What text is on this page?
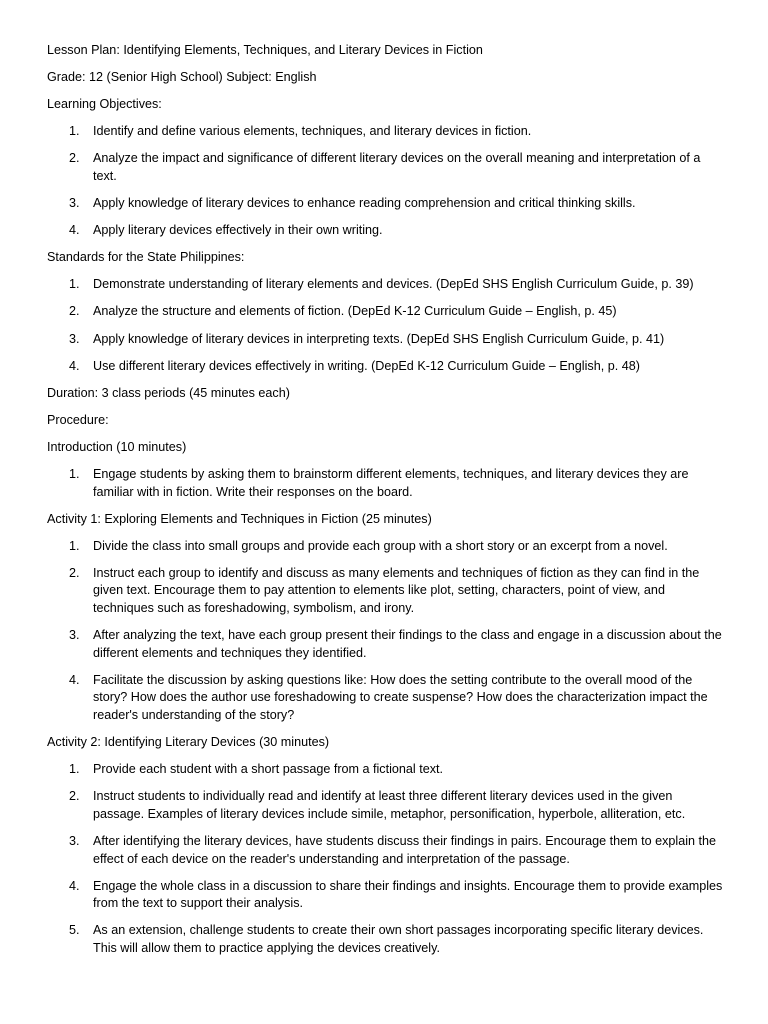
Lesson Plan: Identifying Elements, Techniques, and Literary Devices in Fiction

Grade: 12 (Senior High School) Subject: English

Learning Objectives:

1.	Identify and define various elements, techniques, and literary devices in fiction.
2.	Analyze the impact and significance of different literary devices on the overall meaning and interpretation of a text.
3.	Apply knowledge of literary devices to enhance reading comprehension and critical thinking skills.
4.	Apply literary devices effectively in their own writing.

Standards for the State Philippines:

1.	Demonstrate understanding of literary elements and devices. (DepEd SHS English Curriculum Guide, p. 39)
2.	Analyze the structure and elements of fiction. (DepEd K-12 Curriculum Guide – English, p. 45)
3.	Apply knowledge of literary devices in interpreting texts. (DepEd SHS English Curriculum Guide, p. 41)
4.	Use different literary devices effectively in writing. (DepEd K-12 Curriculum Guide – English, p. 48)

Duration: 3 class periods (45 minutes each)

Procedure:

Introduction (10 minutes)

1.	Engage students by asking them to brainstorm different elements, techniques, and literary devices they are familiar with in fiction. Write their responses on the board.

Activity 1: Exploring Elements and Techniques in Fiction (25 minutes)

1.	Divide the class into small groups and provide each group with a short story or an excerpt from a novel.
2.	Instruct each group to identify and discuss as many elements and techniques of fiction as they can find in the given text. Encourage them to pay attention to elements like plot, setting, characters, point of view, and techniques such as foreshadowing, symbolism, and irony.
3.	After analyzing the text, have each group present their findings to the class and engage in a discussion about the different elements and techniques they identified.
4.	Facilitate the discussion by asking questions like: How does the setting contribute to the overall mood of the story? How does the author use foreshadowing to create suspense? How does the characterization impact the reader's understanding of the story?

Activity 2: Identifying Literary Devices (30 minutes)

1.	Provide each student with a short passage from a fictional text.
2.	Instruct students to individually read and identify at least three different literary devices used in the given passage. Examples of literary devices include simile, metaphor, personification, hyperbole, alliteration, etc.
3.	After identifying the literary devices, have students discuss their findings in pairs. Encourage them to explain the effect of each device on the reader's understanding and interpretation of the passage.
4.	Engage the whole class in a discussion to share their findings and insights. Encourage them to provide examples from the text to support their analysis.
5.	As an extension, challenge students to create their own short passages incorporating specific literary devices. This will allow them to practice applying the devices creatively.
